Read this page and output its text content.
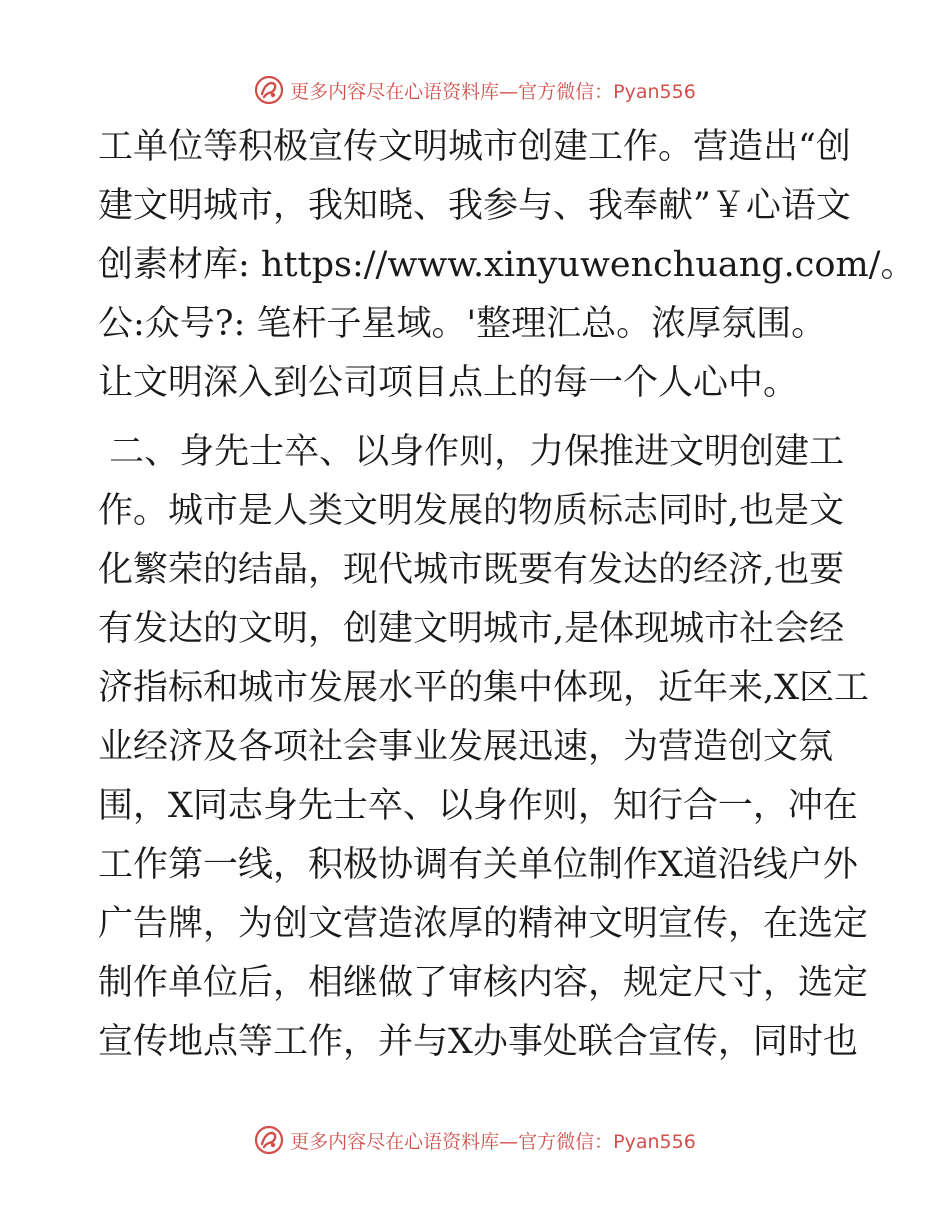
更多内容尽在心语资料库—官方微信：Pyan556
工单位等积极宣传文明城市创建工作。营造出“创
建文明城市，我知晓、我参与、我奉献”￥心语文
创素材库: https://www.xinyuwenchuang.com/。
公:众号?: 笔杆子星域。'整理汇总。浓厚氛围。
让文明深入到公司项目点上的每一个人心中。
二、身先士卒、以身作则，力保推进文明创建工
作。城市是人类文明发展的物质标志同时,也是文
化繁荣的结晶，现代城市既要有发达的经济,也要
有发达的文明，创建文明城市,是体现城市社会经
济指标和城市发展水平的集中体现，近年来,X区工
业经济及各项社会事业发展迅速，为营造创文氛
围，X同志身先士卒、以身作则，知行合一，冲在
工作第一线，积极协调有关单位制作X道沿线户外
广告牌，为创文营造浓厚的精神文明宣传，在选定
制作单位后，相继做了审核内容，规定尺寸，选定
宣传地点等工作，并与X办事处联合宣传，同时也
更多内容尽在心语资料库—官方微信：Pyan556
